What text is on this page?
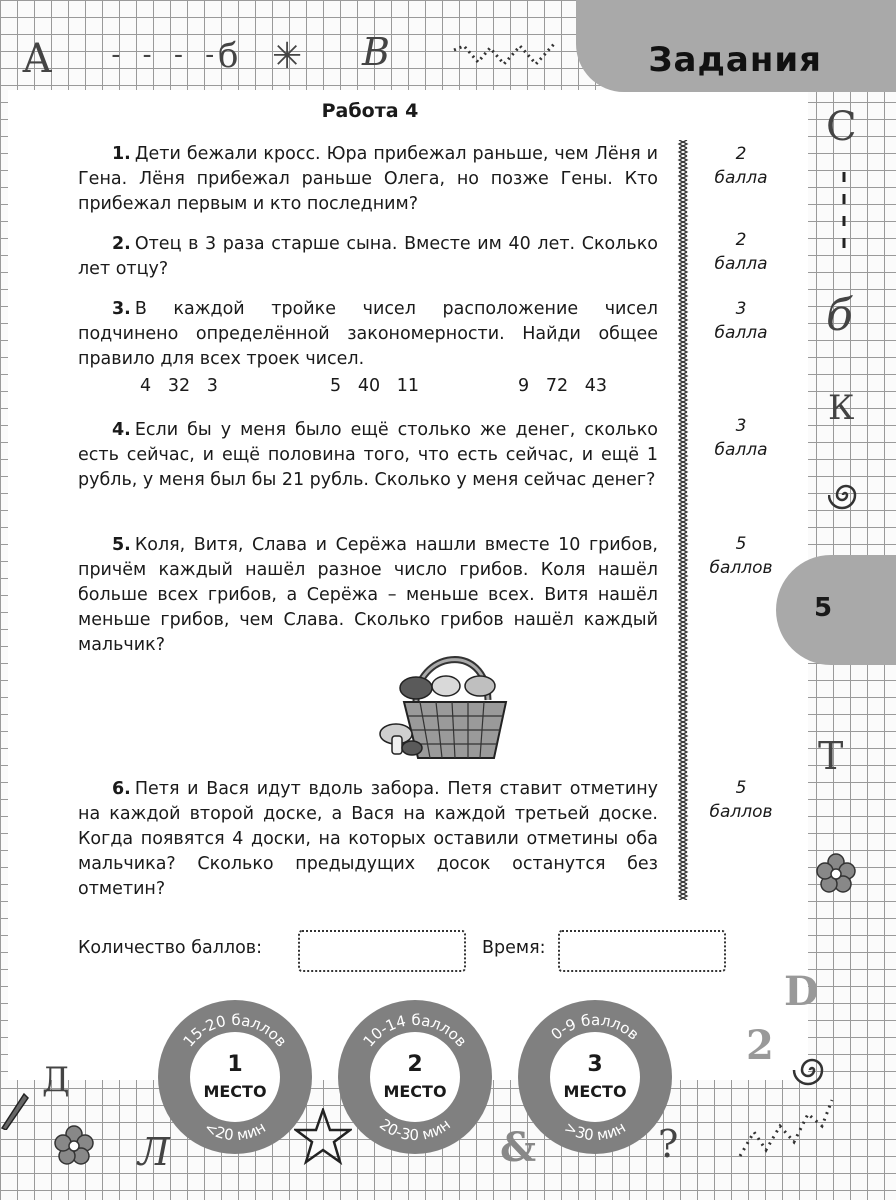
Задания
А - - - - б ✳ В
С
б
К
Т
D
2
5
Работа 4
1. Дети бежали кросс. Юра прибежал раньше, чем Лёня и Гена. Лёня прибежал раньше Олега, но позже Гены. Кто прибежал первым и кто последним?
2. Отец в 3 раза старше сына. Вместе им 40 лет. Сколько лет отцу?
3. В каждой тройке чисел расположение чисел подчинено определённой закономерности. Найди общее правило для всех троек чисел.
4   32   3	5   40   11	9   72   43
4. Если бы у меня было ещё столько же денег, сколько есть сейчас, и ещё половина того, что есть сейчас, и ещё 1 рубль, у меня был бы 21 рубль. Сколько у меня сейчас денег?
5. Коля, Витя, Слава и Серёжа нашли вместе 10 грибов, причём каждый нашёл разное число грибов. Коля нашёл больше всех грибов, а Серёжа – меньше всех. Витя нашёл меньше грибов, чем Слава. Сколько грибов нашёл каждый мальчик?
6. Петя и Вася идут вдоль забора. Петя ставит отметину на каждой второй доске, а Вася на каждой третьей доске. Когда появятся 4 доски, на которых оставили отметины оба мальчика? Сколько предыдущих досок останутся без отметин?
2
балла
2
балла
3
балла
3
балла
5
баллов
5
баллов
Количество баллов:	Время:
15-20 баллов
<20 мин
1
МЕСТО
10-14 баллов
20-30 мин
2
МЕСТО
0-9 баллов
>30 мин
3
МЕСТО
Д
Л	&	?
